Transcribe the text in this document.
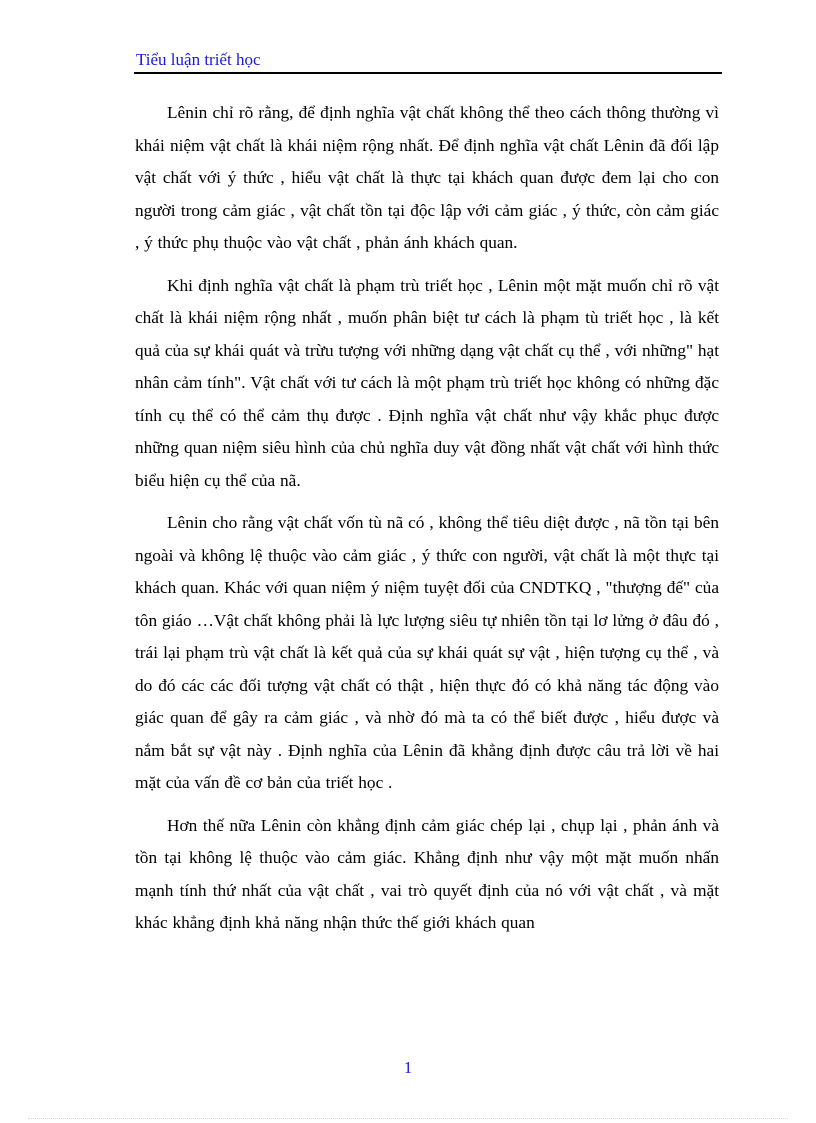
Tiểu luận triết học

Lênin chỉ rõ rằng, để định nghĩa vật chất không thể theo cách thông thường vì khái niệm vật chất là khái niệm rộng nhất. Để định nghĩa vật chất Lênin đã đối lập vật chất với ý thức , hiểu vật chất là thực tại khách quan được đem lại cho con người trong cảm giác , vật chất tồn tại độc lập với cảm giác , ý thức, còn cảm giác , ý thức phụ thuộc vào vật chất , phản ánh khách quan.

Khi định nghĩa vật chất là phạm trù triết học , Lênin một mặt muốn chỉ rõ vật chất là khái niệm rộng nhất , muốn phân biệt tư cách là phạm tù triết học , là kết quả của sự khái quát và trừu tượng với những dạng vật chất cụ thể , với những" hạt nhân cảm tính". Vật chất với tư cách là một phạm trù triết học không có những đặc tính cụ thể có thể cảm thụ được . Định nghĩa vật chất như vậy khắc phục được những quan niệm siêu hình của chủ nghĩa duy vật đồng nhất vật chất với hình thức biểu hiện cụ thể của nã.

Lênin cho rằng vật chất vốn tù nã có , không thể tiêu diệt được , nã tồn tại bên ngoài và không lệ thuộc vào cảm giác , ý thức con người, vật chất là một thực tại khách quan. Khác với quan niệm ý niệm tuyệt đối của CNDTKQ , "thượng đế" của tôn giáo …Vật chất không phải là lực lượng siêu tự nhiên tồn tại lơ lửng ở đâu đó , trái lại phạm trù vật chất là kết quả của sự khái quát sự vật , hiện tượng cụ thể , và do đó các các đối tượng vật chất có thật , hiện thực đó có khả năng tác động vào giác quan để gây ra cảm giác , và nhờ đó mà ta có thể biết được , hiểu được và nắm bắt sự vật này . Định nghĩa của Lênin đã khẳng định được câu trả lời về hai mặt của vấn đề cơ bản của triết học .

Hơn thế nữa Lênin còn khẳng định cảm giác chép lại , chụp lại , phản ánh và tồn tại không lệ thuộc vào cảm giác. Khẳng định như vậy một mặt muốn nhấn mạnh tính thứ nhất của vật chất , vai trò quyết định của nó với vật chất , và mặt khác khẳng định khả năng nhận thức thế giới khách quan

1
